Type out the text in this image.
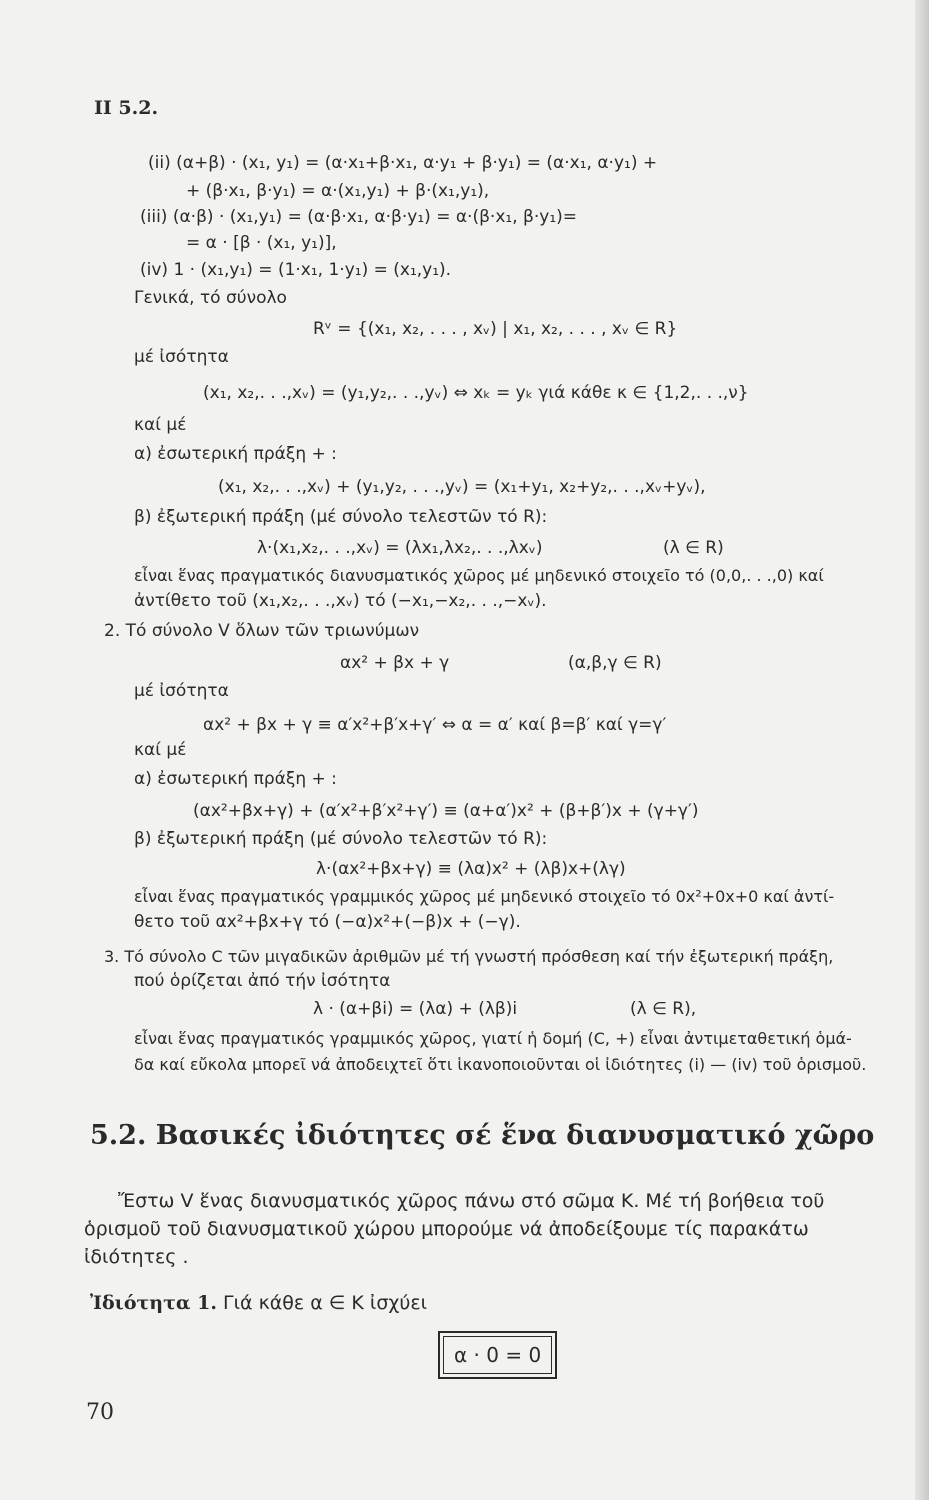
ΙΙ 5.2.
(ii) (α+β) · (x₁, y₁) = (α·x₁+β·x₁, α·y₁ + β·y₁) = (α·x₁, α·y₁) +
+ (β·x₁, β·y₁) = α·(x₁,y₁) + β·(x₁,y₁),
(iii) (α·β) · (x₁,y₁) = (α·β·x₁, α·β·y₁) = α·(β·x₁, β·y₁)=
= α · [β · (x₁, y₁)],
(iv) 1 · (x₁,y₁) = (1·x₁, 1·y₁) = (x₁,y₁).
Γενικά, τό σύνολο
Rᵛ = {(x₁, x₂, . . . , xᵥ) | x₁, x₂, . . . , xᵥ ∈ R}
μέ ἰσότητα
(x₁, x₂,. . .,xᵥ) = (y₁,y₂,. . .,yᵥ) ⇔ xₖ = yₖ γιά κάθε κ ∈ {1,2,. . .,ν}
καί μέ
α) ἐσωτερική πράξη + :
(x₁, x₂,. . .,xᵥ) + (y₁,y₂, . . .,yᵥ) = (x₁+y₁, x₂+y₂,. . .,xᵥ+yᵥ),
β) ἐξωτερική πράξη (μέ σύνολο τελεστῶν τό R):
λ·(x₁,x₂,. . .,xᵥ) = (λx₁,λx₂,. . .,λxᵥ)	(λ ∈ R)
εἶναι ἕνας πραγματικός διανυσματικός χῶρος μέ μηδενικό στοιχεῖο τό (0,0,. . .,0) καί
ἀντίθετο τοῦ (x₁,x₂,. . .,xᵥ) τό (−x₁,−x₂,. . .,−xᵥ).
2. Τό σύνολο V ὅλων τῶν τριωνύμων
αx² + βx + γ	(α,β,γ ∈ R)
μέ ἰσότητα
αx² + βx + γ ≡ α′x²+β′x+γ′ ⇔ α = α′ καί β=β′ καί γ=γ′
καί μέ
α) ἐσωτερική πράξη + :
(αx²+βx+γ) + (α′x²+β′x²+γ′) ≡ (α+α′)x² + (β+β′)x + (γ+γ′)
β) ἐξωτερική πράξη (μέ σύνολο τελεστῶν τό R):
λ·(αx²+βx+γ) ≡ (λα)x² + (λβ)x+(λγ)
εἶναι ἕνας πραγματικός γραμμικός χῶρος μέ μηδενικό στοιχεῖο τό 0x²+0x+0 καί ἀντί-
θετο τοῦ αx²+βx+γ τό (−α)x²+(−β)x + (−γ).
3. Τό σύνολο C τῶν μιγαδικῶν ἀριθμῶν μέ τή γνωστή πρόσθεση καί τήν ἐξωτερική πράξη,
πού ὁρίζεται ἀπό τήν ἰσότητα
λ · (α+βi) = (λα) + (λβ)i	(λ ∈ R),
εἶναι ἕνας πραγματικός γραμμικός χῶρος, γιατί ἡ δομή (C, +) εἶναι ἀντιμεταθετική ὁμά-
δα καί εὔκολα μπορεῖ νά ἀποδειχτεῖ ὅτι ἱκανοποιοῦνται οἱ ἰδιότητες (i) — (iv) τοῦ ὁρισμοῦ.
5.2. Βασικές ἰδιότητες σέ ἕνα διανυσματικό χῶρο
Ἔστω V ἕνας διανυσματικός χῶρος πάνω στό σῶμα Κ. Μέ τή βοήθεια τοῦ
ὁρισμοῦ τοῦ διανυσματικοῦ χώρου μπορούμε νά ἀποδείξουμε τίς παρακάτω
ἰδιότητες .
Ἰδιότητα 1. Γιά κάθε α ∈ Κ ἰσχύει
α · 0 = 0
70
